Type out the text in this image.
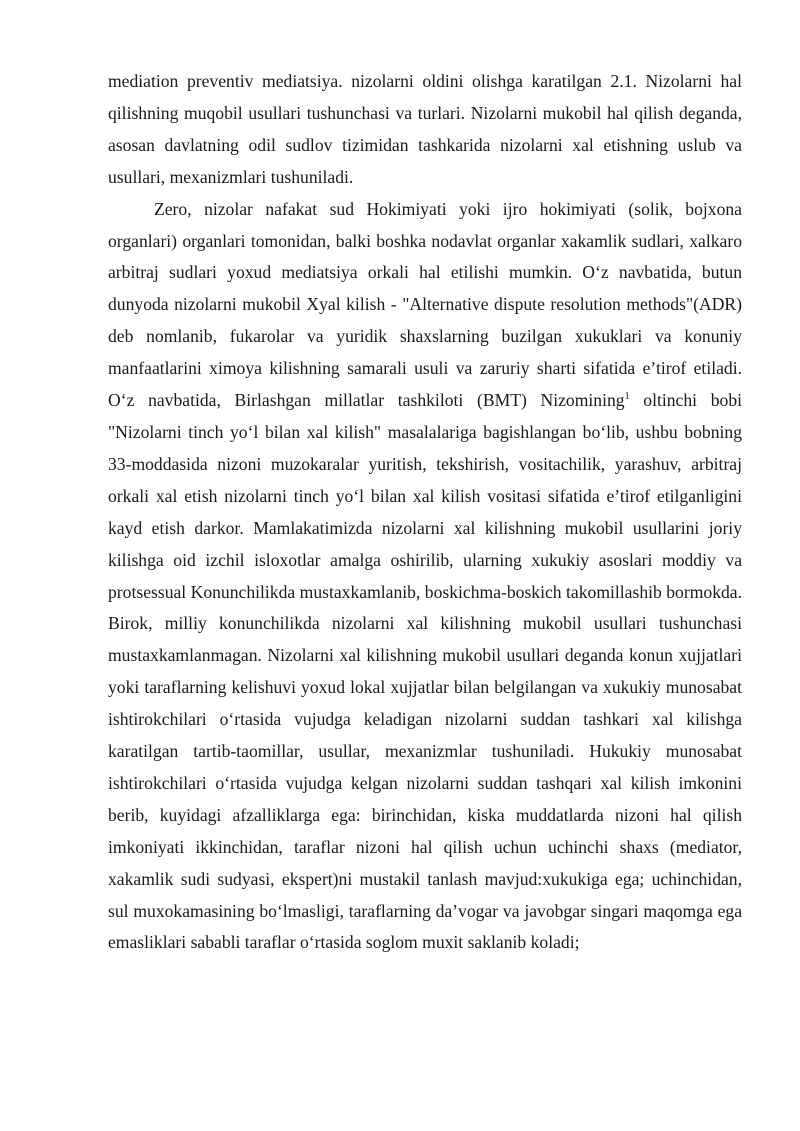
mediation preventiv mediatsiya. nizolarni oldini olishga karatilgan 2.1. Nizolarni hal qilishning muqobil usullari tushunchasi va turlari. Nizolarni mukobil hal qilish deganda, asosan davlatning odil sudlov tizimidan tashkarida nizolarni xal etishning uslub va usullari, mexanizmlari tushuniladi.

Zero, nizolar nafakat sud Hokimiyati yoki ijro hokimiyati (solik, bojxona organlari) organlari tomonidan, balki boshka nodavlat organlar xakamlik sudlari, xalkaro arbitraj sudlari yoxud mediatsiya orkali hal etilishi mumkin. O‘z navbatida, butun dunyoda nizolarni mukobil Xyal kilish - "Alternative dispute resolution methods"(ADR) deb nomlanib, fukarolar va yuridik shaxslarning buzilgan xukuklari va konuniy manfaatlarini ximoya kilishning samarali usuli va zaruriy sharti sifatida e’tirof etiladi. O‘z navbatida, Birlashgan millatlar tashkiloti (BMT) Nizomining$^1$ oltinchi bobi "Nizolarni tinch yo‘l bilan xal kilish" masalalariga bagishlangan bo‘lib, ushbu bobning 33-moddasida nizoni muzokaralar yuritish, tekshirish, vositachilik, yarashuv, arbitraj orkali xal etish nizolarni tinch yo‘l bilan xal kilish vositasi sifatida e’tirof etilganligini kayd etish darkor. Mamlakatimizda nizolarni xal kilishning mukobil usullarini joriy kilishga oid izchil isloxotlar amalga oshirilib, ularning xukukiy asoslari moddiy va protsessual Konunchilikda mustaxkamlanib, boskichma-boskich takomillashib bormokda. Birok, milliy konunchilikda nizolarni xal kilishning mukobil usullari tushunchasi mustaxkamlanmagan. Nizolarni xal kilishning mukobil usullari deganda konun xujjatlari yoki taraflarning kelishuvi yoxud lokal xujjatlar bilan belgilangan va xukukiy munosabat ishtirokchilari o‘rtasida vujudga keladigan nizolarni suddan tashkari xal kilishga karatilgan tartib-taomillar, usullar, mexanizmlar tushuniladi. Hukukiy munosabat ishtirokchilari o‘rtasida vujudga kelgan nizolarni suddan tashqari xal kilish imkonini berib, kuyidagi afzalliklarga ega: birinchidan, kiska muddatlarda nizoni hal qilish imkoniyati ikkinchidan, taraflar nizoni hal qilish uchun uchinchi shaxs (mediator, xakamlik sudi sudyasi, ekspert)ni mustakil tanlash mavjud:xukukiga ega; uchinchidan, sul muxokamasining bo‘lmasligi, taraflarning da’vogar va javobgar singari maqomga ega emasliklari sababli taraflar o‘rtasida soglom muxit saklanib koladi;
